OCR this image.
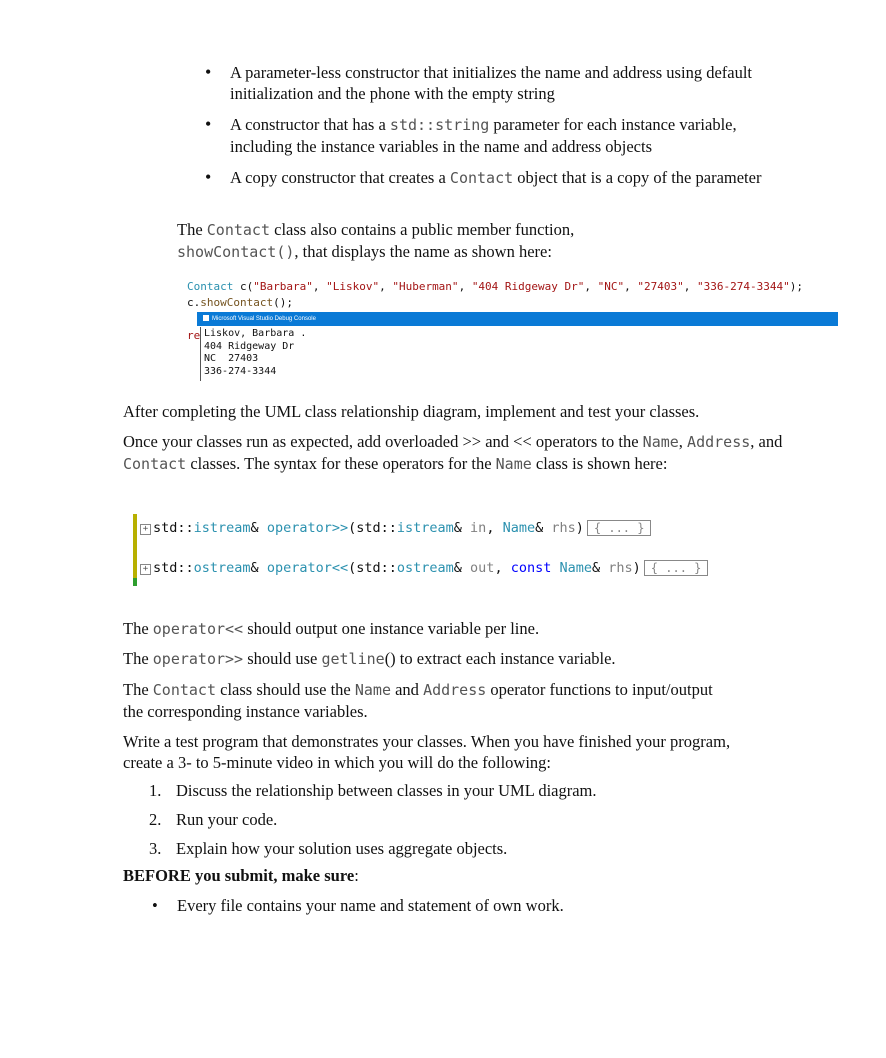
• A parameter-less constructor that initializes the name and address using default initialization and the phone with the empty string
• A constructor that has a std::string parameter for each instance variable, including the instance variables in the name and address objects
• A copy constructor that creates a Contact object that is a copy of the parameter
The Contact class also contains a public member function, showContact(), that displays the name as shown here:
Contact c("Barbara", "Liskov", "Huberman", "404 Ridgeway Dr", "NC", "27403", "336-274-3344");
c.showContact();
Microsoft Visual Studio Debug Console
re Liskov, Barbara .
404 Ridgeway Dr
NC  27403
336-274-3344
After completing the UML class relationship diagram, implement and test your classes.
Once your classes run as expected, add overloaded >> and << operators to the Name, Address, and Contact classes. The syntax for these operators for the Name class is shown here:
+ std::istream& operator>>(std::istream& in, Name& rhs) { ... }
+ std::ostream& operator<<(std::ostream& out, const Name& rhs) { ... }
The operator<< should output one instance variable per line.
The operator>> should use getline() to extract each instance variable.
The Contact class should use the Name and Address operator functions to input/output the corresponding instance variables.
Write a test program that demonstrates your classes. When you have finished your program, create a 3- to 5-minute video in which you will do the following:
1. Discuss the relationship between classes in your UML diagram.
2. Run your code.
3. Explain how your solution uses aggregate objects.
BEFORE you submit, make sure:
• Every file contains your name and statement of own work.
